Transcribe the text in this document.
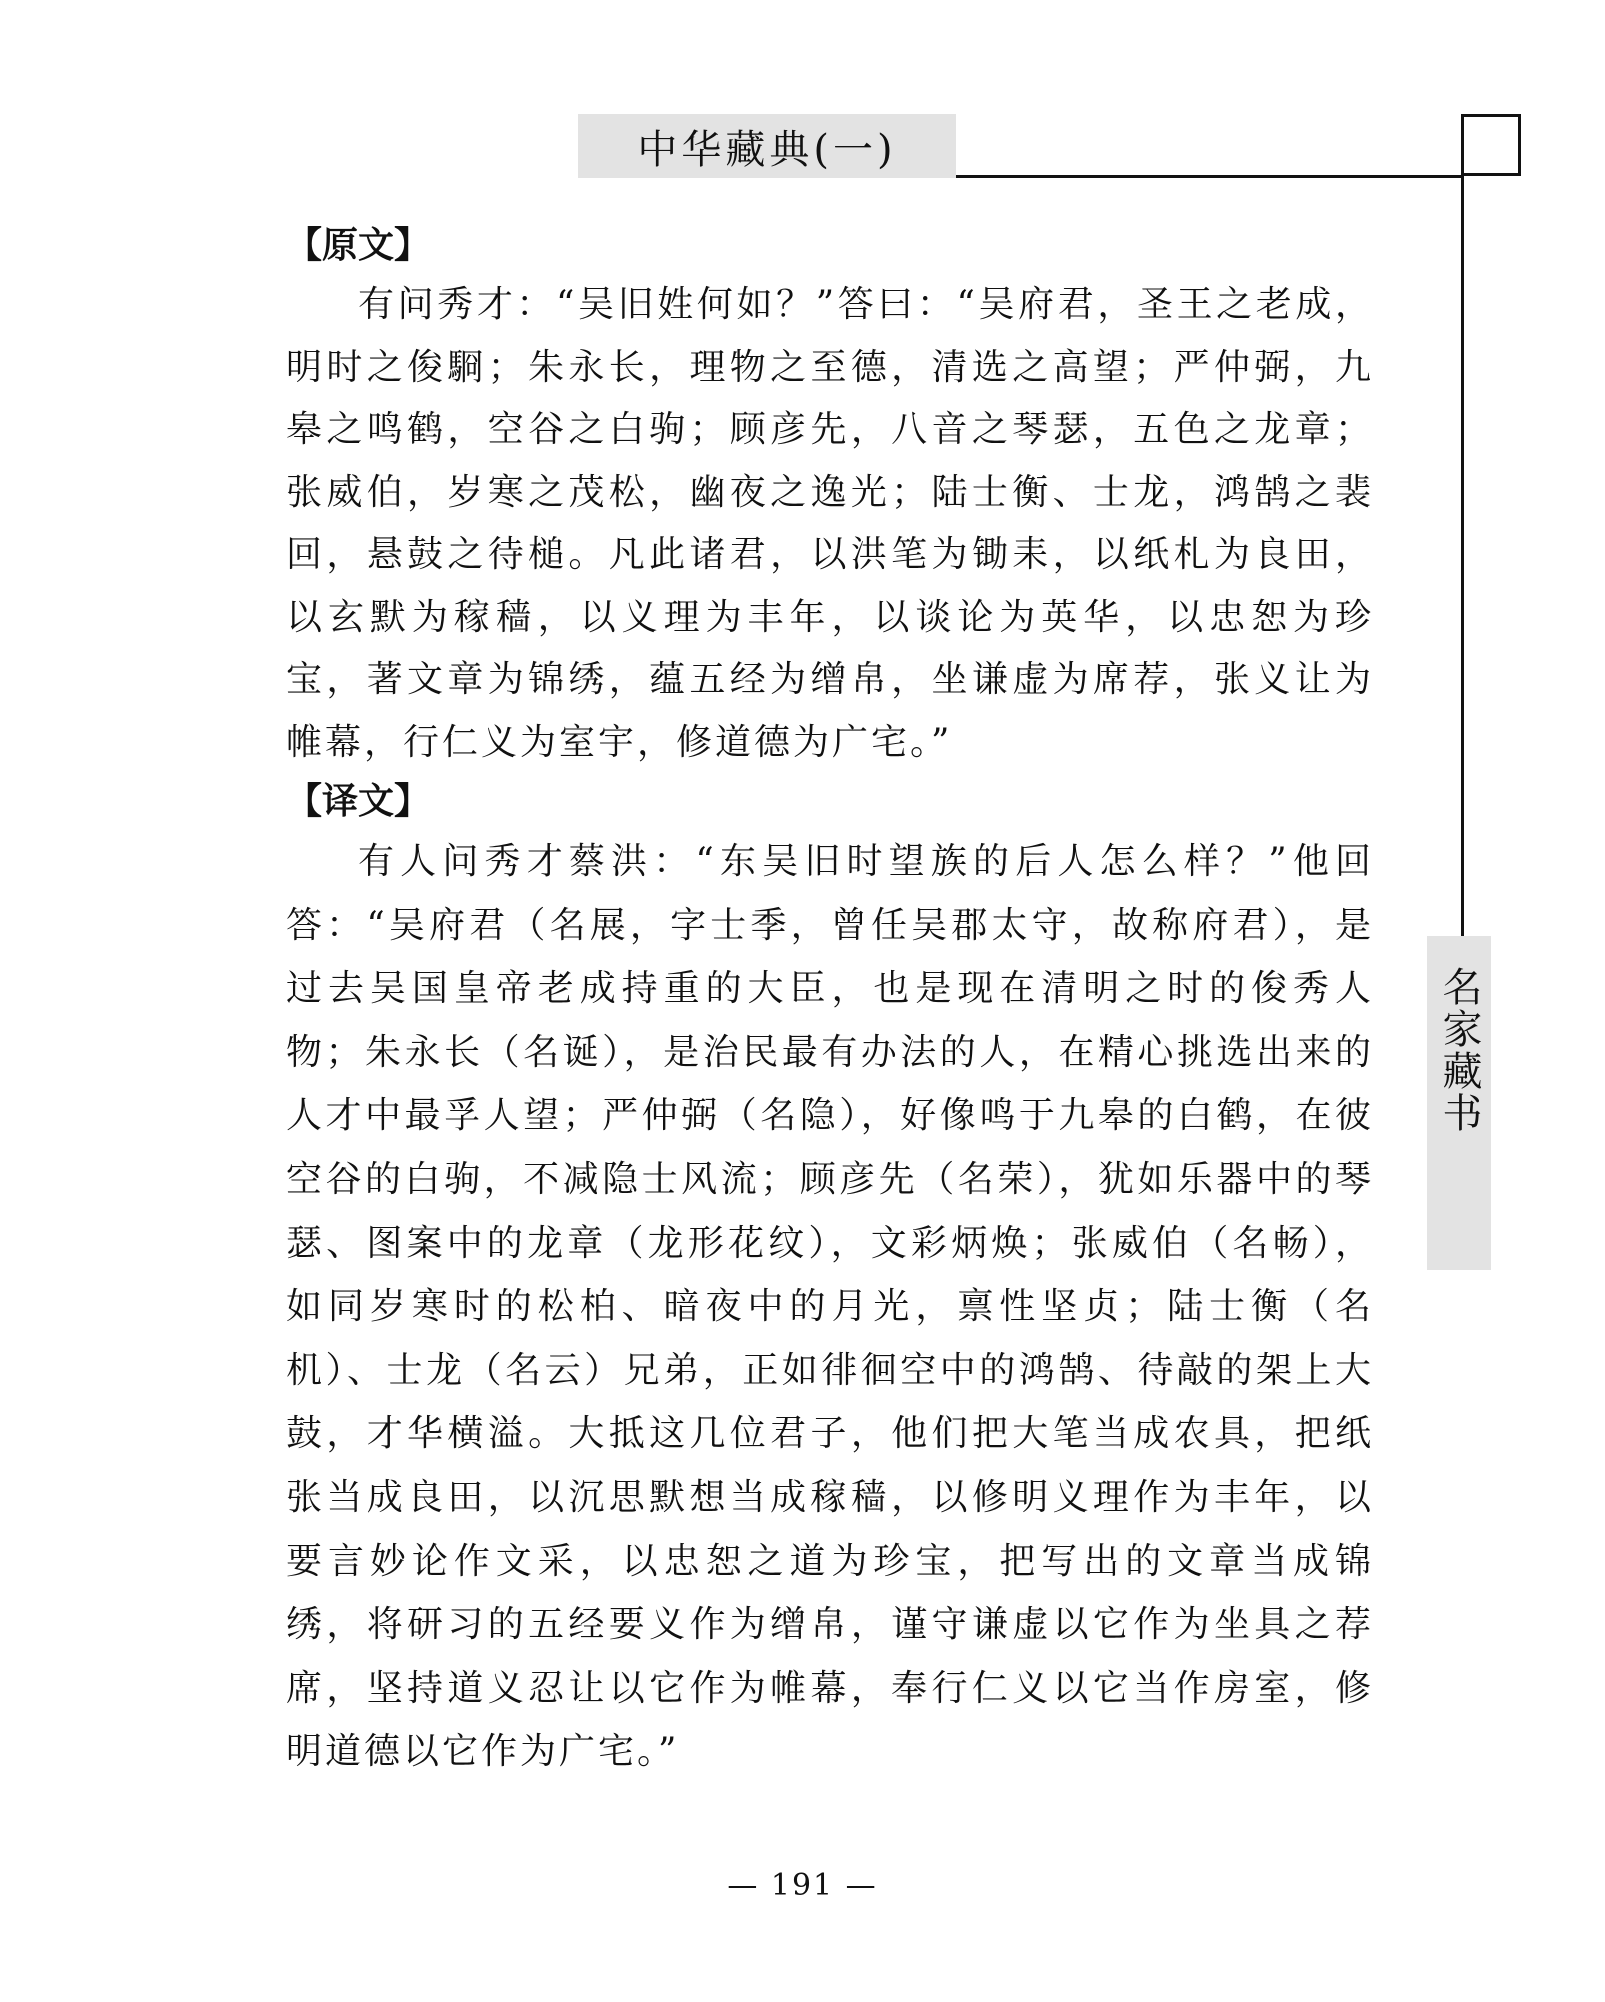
中华藏典(一)
名家藏书
【原文】

有问秀才：“吴旧姓何如？”答曰：“吴府君，圣王之老成，明时之俊䮐；朱永长，理物之至德，清选之高望；严仲弼，九皋之鸣鹤，空谷之白驹；顾彦先，八音之琴瑟，五色之龙章；张威伯，岁寒之茂松，幽夜之逸光；陆士衡、士龙，鸿鹄之裴回，悬鼓之待槌。凡此诸君，以洪笔为锄耒，以纸札为良田，以玄默为稼穑，以义理为丰年，以谈论为英华，以忠恕为珍宝，著文章为锦绣，蕴五经为缯帛，坐谦虚为席荐，张义让为帷幕，行仁义为室宇，修道德为广宅。”

【译文】

有人问秀才蔡洪：“东吴旧时望族的后人怎么样？”他回答：“吴府君（名展，字士季，曾任吴郡太守，故称府君），是过去吴国皇帝老成持重的大臣，也是现在清明之时的俊秀人物；朱永长（名诞），是治民最有办法的人，在精心挑选出来的人才中最孚人望；严仲弼（名隐），好像鸣于九皋的白鹤，在彼空谷的白驹，不减隐士风流；顾彦先（名荣），犹如乐器中的琴瑟、图案中的龙章（龙形花纹），文彩炳焕；张威伯（名畅），如同岁寒时的松柏、暗夜中的月光，禀性坚贞；陆士衡（名机）、士龙（名云）兄弟，正如徘徊空中的鸿鹄、待敲的架上大鼓，才华横溢。大抵这几位君子，他们把大笔当成农具，把纸张当成良田，以沉思默想当成稼穑，以修明义理作为丰年，以要言妙论作文采，以忠恕之道为珍宝，把写出的文章当成锦绣，将研习的五经要义作为缯帛，谨守谦虚以它作为坐具之荐席，坚持道义忍让以它作为帷幕，奉行仁义以它当作房室，修明道德以它作为广宅。”

— 191 —
